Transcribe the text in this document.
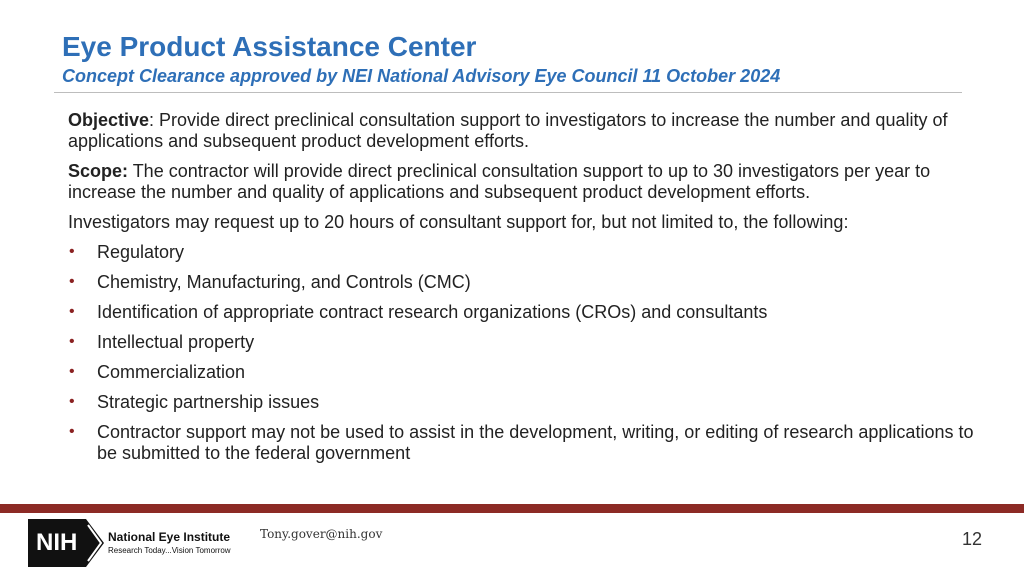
Eye Product Assistance Center
Concept Clearance approved by NEI National Advisory Eye Council 11 October 2024

Objective: Provide direct preclinical consultation support to investigators to increase the number and quality of applications and subsequent product development efforts.

Scope: The contractor will provide direct preclinical consultation support to up to 30 investigators per year to increase the number and quality of applications and subsequent product development efforts.

Investigators may request up to 20 hours of consultant support for, but not limited to, the following:

• Regulatory
• Chemistry, Manufacturing, and Controls (CMC)
• Identification of appropriate contract research organizations (CROs) and consultants
• Intellectual property
• Commercialization
• Strategic partnership issues
• Contractor support may not be used to assist in the development, writing, or editing of research applications to be submitted to the federal government
NIH	National Eye Institute
Research Today...Vision Tomorrow
Tony.gover@nih.gov	12
